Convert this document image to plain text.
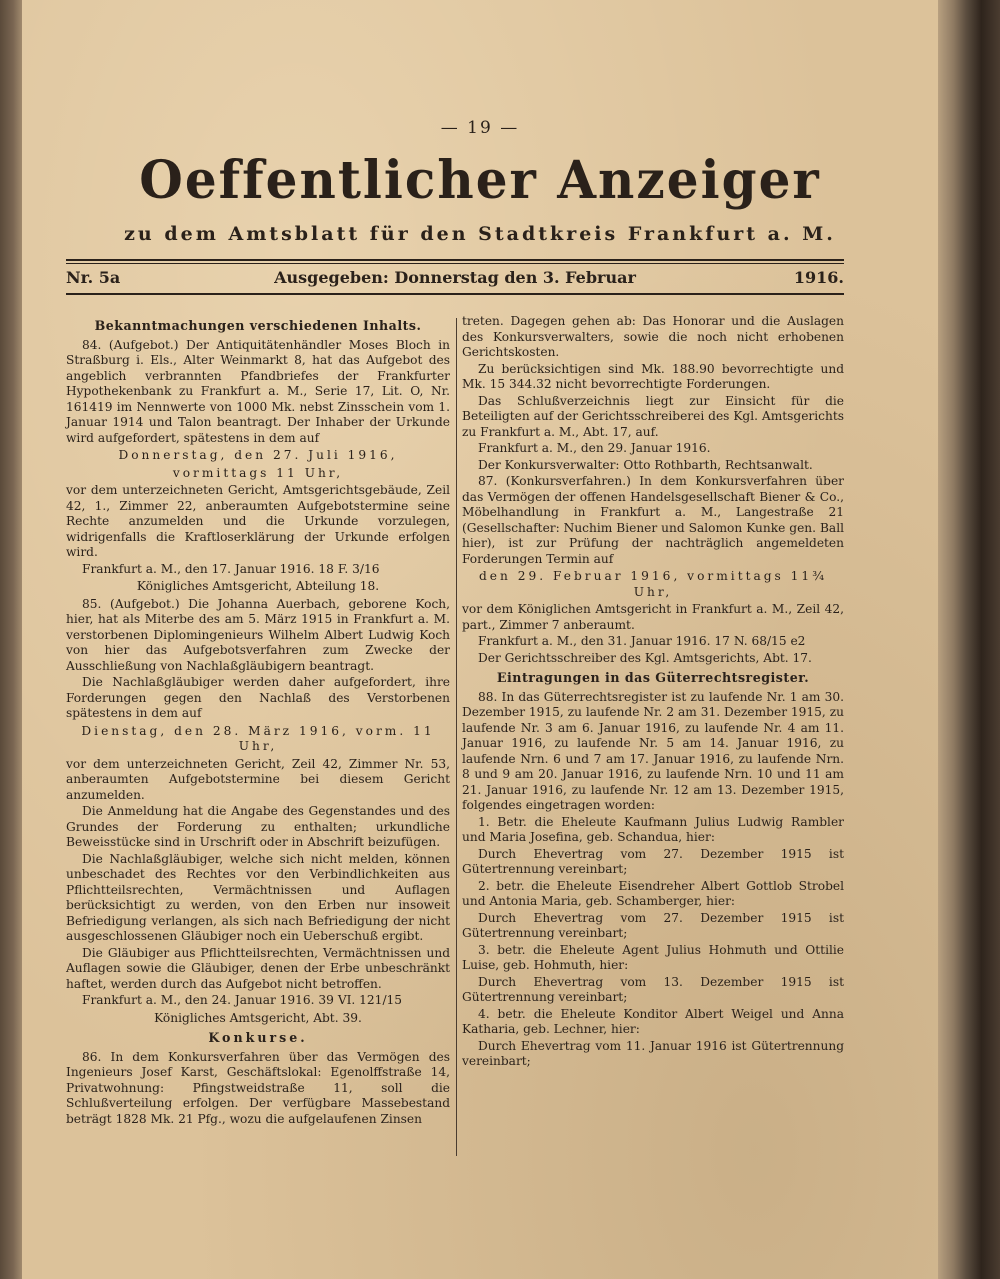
— 19 —
Oeffentlicher Anzeiger
zu dem Amtsblatt für den Stadtkreis Frankfurt a. M.
Nr. 5a	Ausgegeben: Donnerstag den 3. Februar	1916.
Bekanntmachungen verschiedenen Inhalts.

84. (Aufgebot.) Der Antiquitätenhändler Moses Bloch in Straßburg i. Els., Alter Weinmarkt 8, hat das Aufgebot des angeblich verbrannten Pfandbriefes der Frankfurter Hypothekenbank zu Frankfurt a. M., Serie 17, Lit. O, Nr. 161419 im Nennwerte von 1000 Mk. nebst Zinsschein vom 1. Januar 1914 und Talon beantragt. Der Inhaber der Urkunde wird aufgefordert, spätestens in dem auf

Donnerstag, den 27. Juli 1916,
vormittags 11 Uhr,

vor dem unterzeichneten Gericht, Amtsgerichtsgebäude, Zeil 42, 1., Zimmer 22, anberaumten Aufgebotstermine seine Rechte anzumelden und die Urkunde vorzulegen, widrigenfalls die Kraftloserklärung der Urkunde erfolgen wird.

Frankfurt a. M., den 17. Januar 1916. 18 F. 3/16

Königliches Amtsgericht, Abteilung 18.

85. (Aufgebot.) Die Johanna Auerbach, geborene Koch, hier, hat als Miterbe des am 5. März 1915 in Frankfurt a. M. verstorbenen Diplomingenieurs Wilhelm Albert Ludwig Koch von hier das Aufgebotsverfahren zum Zwecke der Ausschließung von Nachlaßgläubigern beantragt.

Die Nachlaßgläubiger werden daher aufgefordert, ihre Forderungen gegen den Nachlaß des Verstorbenen spätestens in dem auf

Dienstag, den 28. März 1916, vorm. 11 Uhr,

vor dem unterzeichneten Gericht, Zeil 42, Zimmer Nr. 53, anberaumten Aufgebotstermine bei diesem Gericht anzumelden.

Die Anmeldung hat die Angabe des Gegenstandes und des Grundes der Forderung zu enthalten; urkundliche Beweisstücke sind in Urschrift oder in Abschrift beizufügen.

Die Nachlaßgläubiger, welche sich nicht melden, können unbeschadet des Rechtes vor den Verbindlichkeiten aus Pflichtteilsrechten, Vermächtnissen und Auflagen berücksichtigt zu werden, von den Erben nur insoweit Befriedigung verlangen, als sich nach Befriedigung der nicht ausgeschlossenen Gläubiger noch ein Ueberschuß ergibt.

Die Gläubiger aus Pflichtteilsrechten, Vermächtnissen und Auflagen sowie die Gläubiger, denen der Erbe unbeschränkt haftet, werden durch das Aufgebot nicht betroffen.

Frankfurt a. M., den 24. Januar 1916. 39 VI. 121/15

Königliches Amtsgericht, Abt. 39.
Konkurse.

86. In dem Konkursverfahren über das Vermögen des Ingenieurs Josef Karst, Geschäftslokal: Egenolffstraße 14, Privatwohnung: Pfingstweidstraße 11, soll die Schlußverteilung erfolgen. Der verfügbare Massebestand beträgt 1828 Mk. 21 Pfg., wozu die aufgelaufenen Zinsen

treten. Dagegen gehen ab: Das Honorar und die Auslagen des Konkursverwalters, sowie die noch nicht erhobenen Gerichtskosten.

Zu berücksichtigen sind Mk. 188.90 bevorrechtigte und Mk. 15 344.32 nicht bevorrechtigte Forderungen.

Das Schlußverzeichnis liegt zur Einsicht für die Beteiligten auf der Gerichtsschreiberei des Kgl. Amtsgerichts zu Frankfurt a. M., Abt. 17, auf.

Frankfurt a. M., den 29. Januar 1916.

Der Konkursverwalter: Otto Rothbarth, Rechtsanwalt.

87. (Konkursverfahren.) In dem Konkursverfahren über das Vermögen der offenen Handelsgesellschaft Biener & Co., Möbelhandlung in Frankfurt a. M., Langestraße 21 (Gesellschafter: Nuchim Biener und Salomon Kunke gen. Ball hier), ist zur Prüfung der nachträglich angemeldeten Forderungen Termin auf

den 29. Februar 1916, vormittags 11¾ Uhr,

vor dem Königlichen Amtsgericht in Frankfurt a. M., Zeil 42, part., Zimmer 7 anberaumt.

Frankfurt a. M., den 31. Januar 1916. 17 N. 68/15 e2

Der Gerichtsschreiber des Kgl. Amtsgerichts, Abt. 17.

Eintragungen in das Güterrechtsregister.

88. In das Güterrechtsregister ist zu laufende Nr. 1 am 30. Dezember 1915, zu laufende Nr. 2 am 31. Dezember 1915, zu laufende Nr. 3 am 6. Januar 1916, zu laufende Nr. 4 am 11. Januar 1916, zu laufende Nr. 5 am 14. Januar 1916, zu laufende Nrn. 6 und 7 am 17. Januar 1916, zu laufende Nrn. 8 und 9 am 20. Januar 1916, zu laufende Nrn. 10 und 11 am 21. Januar 1916, zu laufende Nr. 12 am 13. Dezember 1915, folgendes eingetragen worden:

1. Betr. die Eheleute Kaufmann Julius Ludwig Rambler und Maria Josefina, geb. Schandua, hier:

Durch Ehevertrag vom 27. Dezember 1915 ist Gütertrennung vereinbart;

2. betr. die Eheleute Eisendreher Albert Gottlob Strobel und Antonia Maria, geb. Schamberger, hier:

Durch Ehevertrag vom 27. Dezember 1915 ist Gütertrennung vereinbart;

3. betr. die Eheleute Agent Julius Hohmuth und Ottilie Luise, geb. Hohmuth, hier:

Durch Ehevertrag vom 13. Dezember 1915 ist Gütertrennung vereinbart;

4. betr. die Eheleute Konditor Albert Weigel und Anna Katharia, geb. Lechner, hier:

Durch Ehevertrag vom 11. Januar 1916 ist Gütertrennung vereinbart;
